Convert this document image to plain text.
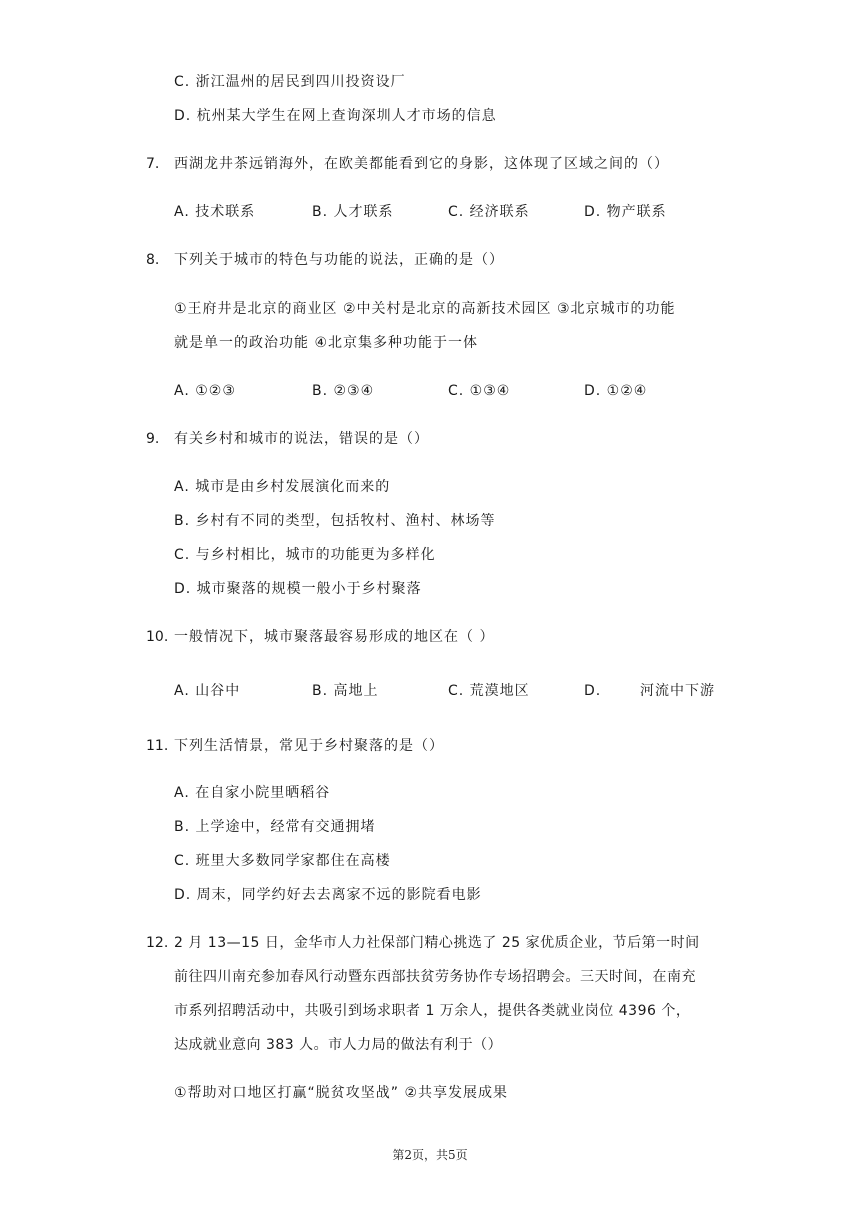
C. 浙江温州的居民到四川投资设厂
D. 杭州某大学生在网上查询深圳人才市场的信息
7. 西湖龙井茶远销海外，在欧美都能看到它的身影，这体现了区域之间的（）
A. 技术联系	B. 人才联系	C. 经济联系	D. 物产联系
8. 下列关于城市的特色与功能的说法，正确的是（）
①王府井是北京的商业区 ②中关村是北京的高新技术园区 ③北京城市的功能
就是单一的政治功能 ④北京集多种功能于一体
A. ①②③	B. ②③④	C. ①③④	D. ①②④
9. 有关乡村和城市的说法，错误的是（）
A. 城市是由乡村发展演化而来的
B. 乡村有不同的类型，包括牧村、渔村、林场等
C. 与乡村相比，城市的功能更为多样化
D. 城市聚落的规模一般小于乡村聚落
10. 一般情况下，城市聚落最容易形成的地区在（ ）
A. 山谷中	B. 高地上	C. 荒漠地区	D.	河流中下游
11. 下列生活情景，常见于乡村聚落的是（）
A. 在自家小院里晒稻谷
B. 上学途中，经常有交通拥堵
C. 班里大多数同学家都住在高楼
D. 周末，同学约好去去离家不远的影院看电影
12. 2 月 13—15 日，金华市人力社保部门精心挑选了 25 家优质企业，节后第一时间
前往四川南充参加春风行动暨东西部扶贫劳务协作专场招聘会。三天时间，在南充
市系列招聘活动中，共吸引到场求职者 1 万余人，提供各类就业岗位 4396 个，
达成就业意向 383 人。市人力局的做法有利于（）
①帮助对口地区打赢“脱贫攻坚战” ②共享发展成果
第2页，共5页
